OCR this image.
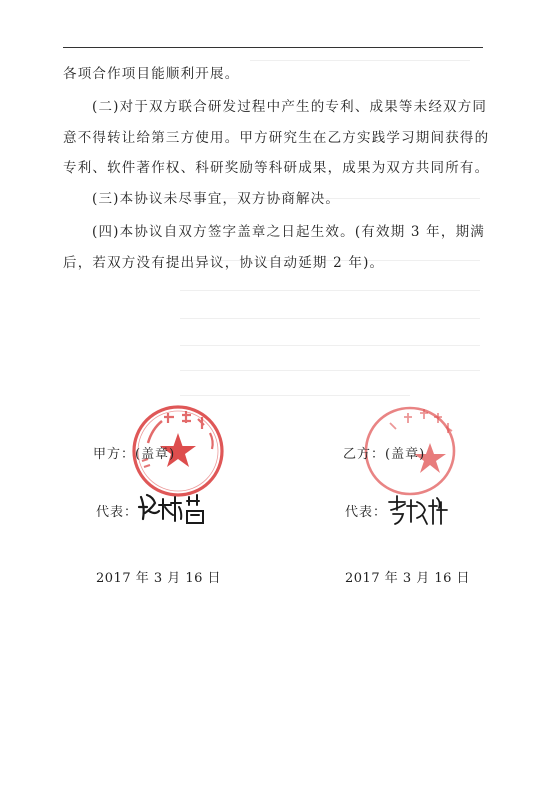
各项合作项目能顺利开展。
(二)对于双方联合研发过程中产生的专利、成果等未经双方同
意不得转让给第三方使用。甲方研究生在乙方实践学习期间获得的
专利、软件著作权、科研奖励等科研成果，成果为双方共同所有。
(三)本协议未尽事宜，双方协商解决。
(四)本协议自双方签字盖章之日起生效。(有效期 3 年，期满
后，若双方没有提出异议，协议自动延期 2 年)。
甲方：(盖章)	乙方：(盖章)
代表：	代表：
2017 年 3 月 16 日	2017 年 3 月 16 日
